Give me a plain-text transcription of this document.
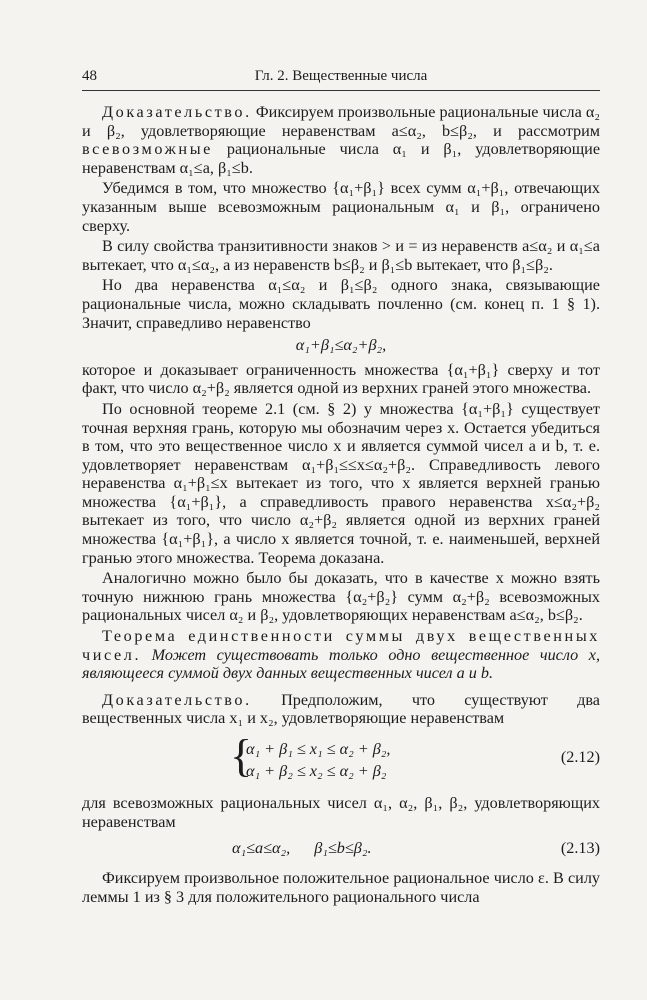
48	Гл. 2. Вещественные числа

Доказательство. Фиксируем произвольные рациональные числа α₂ и β₂, удовлетворяющие неравенствам a≤α₂, b≤β₂, и рассмотрим всевозможные рациональные числа α₁ и β₁, удовлетворяющие неравенствам α₁≤a, β₁≤b.

Убедимся в том, что множество {α₁+β₁} всех сумм α₁+β₁, отвечающих указанным выше всевозможным рациональным α₁ и β₁, ограничено сверху.

В силу свойства транзитивности знаков > и = из неравенств a≤α₂ и α₁≤a вытекает, что α₁≤α₂, а из неравенств b≤β₂ и β₁≤b вытекает, что β₁≤β₂.

Но два неравенства α₁≤α₂ и β₁≤β₂ одного знака, связывающие рациональные числа, можно складывать почленно (см. конец п. 1 § 1). Значит, справедливо неравенство

α₁+β₁≤α₂+β₂,

которое и доказывает ограниченность множества {α₁+β₁} сверху и тот факт, что число α₂+β₂ является одной из верхних граней этого множества.

По основной теореме 2.1 (см. § 2) у множества {α₁+β₁} существует точная верхняя грань, которую мы обозначим через x. Остается убедиться в том, что это вещественное число x и является суммой чисел a и b, т. е. удовлетворяет неравенствам α₁+β₁≤≤x≤α₂+β₂. Справедливость левого неравенства α₁+β₁≤x вытекает из того, что x является верхней гранью множества {α₁+β₁}, а справедливость правого неравенства x≤α₂+β₂ вытекает из того, что число α₂+β₂ является одной из верхних граней множества {α₁+β₁}, а число x является точной, т. е. наименьшей, верхней гранью этого множества. Теорема доказана.

Аналогично можно было бы доказать, что в качестве x можно взять точную нижнюю грань множества {α₂+β₂} сумм α₂+β₂ всевозможных рациональных чисел α₂ и β₂, удовлетворяющих неравенствам a≤α₂, b≤β₂.

Теорема единственности суммы двух вещественных чисел. Может существовать только одно вещественное число x, являющееся суммой двух данных вещественных чисел a и b.

Доказательство. Предположим, что существуют два вещественных числа x₁ и x₂, удовлетворяющие неравенствам

{
α₁ + β₁ ≤ x₁ ≤ α₂ + β₂,
α₁ + β₂ ≤ x₂ ≤ α₂ + β₂
(2.12)

для всевозможных рациональных чисел α₁, α₂, β₁, β₂, удовлетворяющих неравенствам

α₁≤a≤α₂, β₁≤b≤β₂.	(2.13)

Фиксируем произвольное положительное рациональное число ε. В силу леммы 1 из § 3 для положительного рационального числа
